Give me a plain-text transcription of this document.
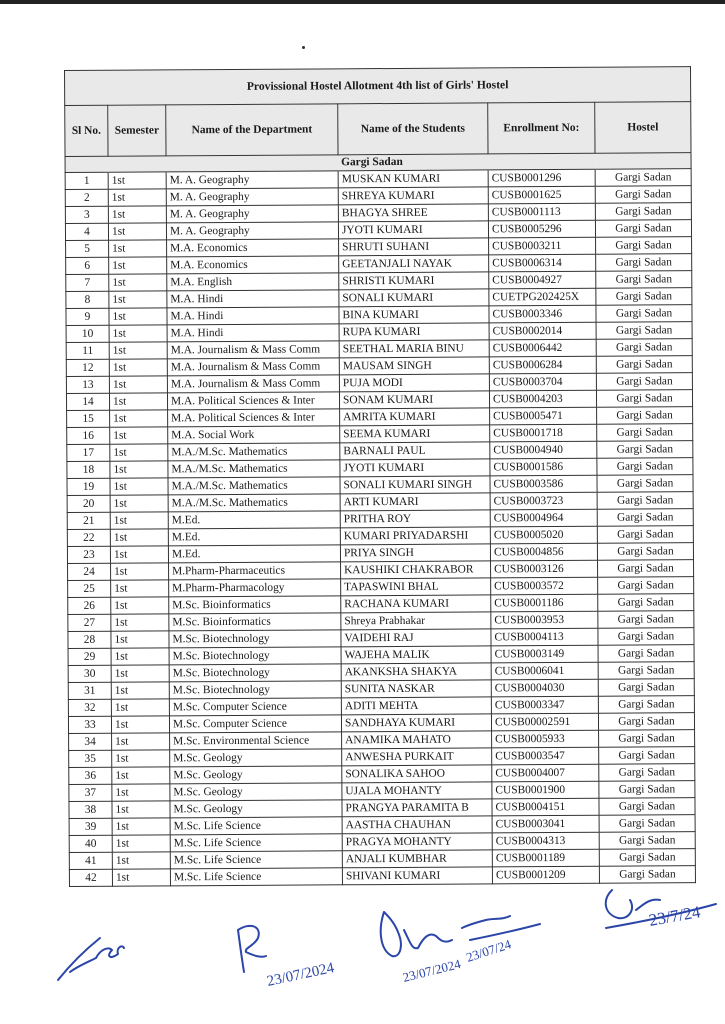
Provissional Hostel Allotment 4th list of Girls' Hostel					
Sl No.	Semester	Name of the Department	Name of the Students	Enrollment No:	Hostel
			Gargi Sadan		
1	1st	M. A. Geography	MUSKAN KUMARI	CUSB0001296	Gargi Sadan
2	1st	M. A. Geography	SHREYA KUMARI	CUSB0001625	Gargi Sadan
3	1st	M. A. Geography	BHAGYA SHREE	CUSB0001113	Gargi Sadan
4	1st	M. A. Geography	JYOTI KUMARI	CUSB0005296	Gargi Sadan
5	1st	M.A. Economics	SHRUTI SUHANI	CUSB0003211	Gargi Sadan
6	1st	M.A. Economics	GEETANJALI NAYAK	CUSB0006314	Gargi Sadan
7	1st	M.A. English	SHRISTI KUMARI	CUSB0004927	Gargi Sadan
8	1st	M.A. Hindi	SONALI KUMARI	CUETPG202425X	Gargi Sadan
9	1st	M.A. Hindi	BINA KUMARI	CUSB0003346	Gargi Sadan
10	1st	M.A. Hindi	RUPA KUMARI	CUSB0002014	Gargi Sadan
11	1st	M.A. Journalism & Mass Comm	SEETHAL MARIA BINU	CUSB0006442	Gargi Sadan
12	1st	M.A. Journalism & Mass Comm	MAUSAM SINGH	CUSB0006284	Gargi Sadan
13	1st	M.A. Journalism & Mass Comm	PUJA MODI	CUSB0003704	Gargi Sadan
14	1st	M.A. Political Sciences & Inter	SONAM KUMARI	CUSB0004203	Gargi Sadan
15	1st	M.A. Political Sciences & Inter	AMRITA KUMARI	CUSB0005471	Gargi Sadan
16	1st	M.A. Social Work	SEEMA KUMARI	CUSB0001718	Gargi Sadan
17	1st	M.A./M.Sc. Mathematics	BARNALI PAUL	CUSB0004940	Gargi Sadan
18	1st	M.A./M.Sc. Mathematics	JYOTI KUMARI	CUSB0001586	Gargi Sadan
19	1st	M.A./M.Sc. Mathematics	SONALI KUMARI SINGH	CUSB0003586	Gargi Sadan
20	1st	M.A./M.Sc. Mathematics	ARTI KUMARI	CUSB0003723	Gargi Sadan
21	1st	M.Ed.	PRITHA ROY	CUSB0004964	Gargi Sadan
22	1st	M.Ed.	KUMARI PRIYADARSHI	CUSB0005020	Gargi Sadan
23	1st	M.Ed.	PRIYA SINGH	CUSB0004856	Gargi Sadan
24	1st	M.Pharm-Pharmaceutics	KAUSHIKI CHAKRABOR	CUSB0003126	Gargi Sadan
25	1st	M.Pharm-Pharmacology	TAPASWINI BHAL	CUSB0003572	Gargi Sadan
26	1st	M.Sc. Bioinformatics	RACHANA KUMARI	CUSB0001186	Gargi Sadan
27	1st	M.Sc. Bioinformatics	Shreya Prabhakar	CUSB0003953	Gargi Sadan
28	1st	M.Sc. Biotechnology	VAIDEHI RAJ	CUSB0004113	Gargi Sadan
29	1st	M.Sc. Biotechnology	WAJEHA MALIK	CUSB0003149	Gargi Sadan
30	1st	M.Sc. Biotechnology	AKANKSHA SHAKYA	CUSB0006041	Gargi Sadan
31	1st	M.Sc. Biotechnology	SUNITA NASKAR	CUSB0004030	Gargi Sadan
32	1st	M.Sc. Computer Science	ADITI MEHTA	CUSB0003347	Gargi Sadan
33	1st	M.Sc. Computer Science	SANDHAYA KUMARI	CUSB00002591	Gargi Sadan
34	1st	M.Sc. Environmental Science	ANAMIKA MAHATO	CUSB0005933	Gargi Sadan
35	1st	M.Sc. Geology	ANWESHA PURKAIT	CUSB0003547	Gargi Sadan
36	1st	M.Sc. Geology	SONALIKA SAHOO	CUSB0004007	Gargi Sadan
37	1st	M.Sc. Geology	UJALA MOHANTY	CUSB0001900	Gargi Sadan
38	1st	M.Sc. Geology	PRANGYA PARAMITA B	CUSB0004151	Gargi Sadan
39	1st	M.Sc. Life Science	AASTHA CHAUHAN	CUSB0003041	Gargi Sadan
40	1st	M.Sc. Life Science	PRAGYA MOHANTY	CUSB0004313	Gargi Sadan
41	1st	M.Sc. Life Science	ANJALI KUMBHAR	CUSB0001189	Gargi Sadan
42	1st	M.Sc. Life Science	SHIVANI KUMARI	CUSB0001209	Gargi Sadan
23/07/2024	23/07/2024
23/07/24
23/7/24
